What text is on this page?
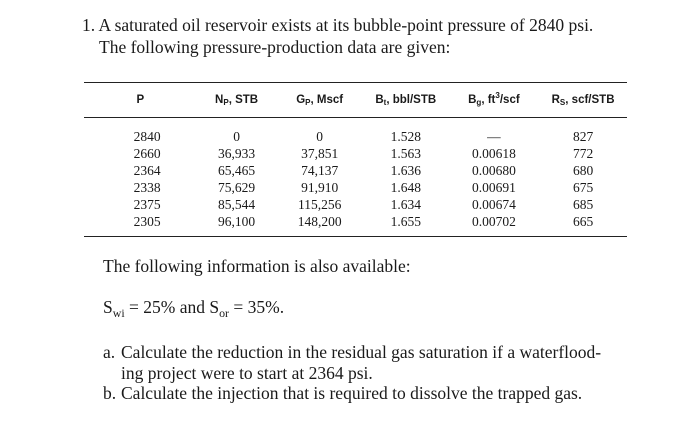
1. A saturated oil reservoir exists at its bubble-point pressure of 2840 psi.
The following pressure-production data are given:
P	$N_P$, STB	$G_P$, Mscf	$B_t$, bbl/STB	$B_g$, $ft^3$/scf	$R_S$, scf/STB
2840	0	0	1.528	—	827
2660	36,933	37,851	1.563	0.00618	772
2364	65,465	74,137	1.636	0.00680	680
2338	75,629	91,910	1.648	0.00691	675
2375	85,544	115,256	1.634	0.00674	685
2305	96,100	148,200	1.655	0.00702	665
The following information is also available:
$S_{wi} = 25\%$ and $S_{or} = 35\%$.
a. Calculate the reduction in the residual gas saturation if a waterflood-
ing project were to start at 2364 psi.
b. Calculate the injection that is required to dissolve the trapped gas.
